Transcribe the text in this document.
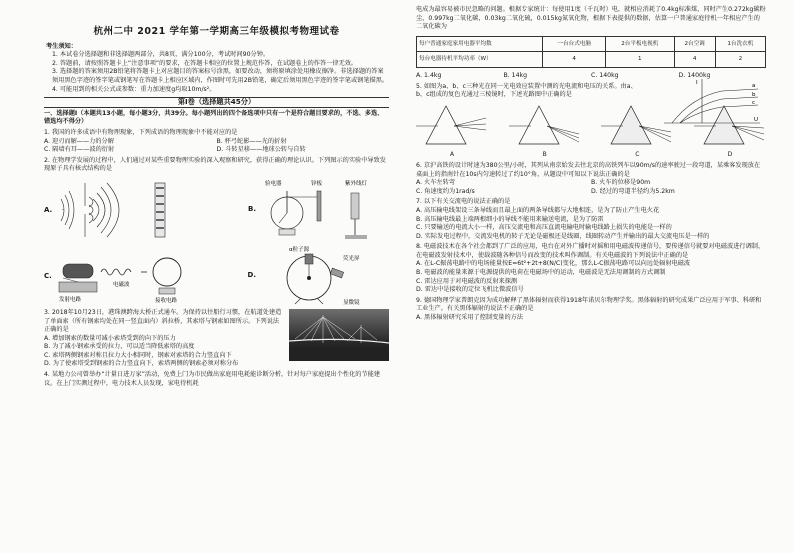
杭州二中 2021 学年第一学期高三年级模拟考物理试卷
考生须知：
1. 本试卷分选择题和非选择题两部分，共8页，满分100分，考试时间90分钟。
2. 答题前，请按照答题卡上“注意事项”的要求，在答题卡相应的位置上规范作答，在试题卷上的作答一律无效。
3. 选择题的答案须用2B铅笔将答题卡上对应题目的答案标号涂黑，如要改动，须将原填涂处用橡皮擦净。非选择题的答案须用黑色字迹的签字笔或钢笔写在答题卡上相应区域内，作图时可先用2B铅笔，确定后须用黑色字迹的签字笔或钢笔描黑。
4. 可能用到的相关公式或参数：重力加速度g均取10m/s²。
第Ⅰ卷（选择题共45分）
一、选择题Ⅰ（本题共13小题，每小题3分，共39分。每小题列出的四个备选项中只有一个是符合题目要求的，不选、多选、错选均不得分）
1. 我国的许多成语中有物理现象，下列成语的物理现象中不能对应的是
A. 迎刃而解——力的分解	B. 杯弓蛇影——光的折射
C. 隔墙有耳——波的衍射	D. 斗转星移——地球公转与自转
2. 在物理学发展的过程中，人们通过对某些重要物理实验的深入观察和研究，获得正确的理论认识。下列图示的实验中导致发现原子具有核式结构的是
A.	B.
验电器	锌板	紫外线灯
C.
发射电路
电磁波
接收电路
D.
α粒子源
荧光屏
显微镜
3. 2018年10月23日，港珠澳跨海大桥正式通车。为保持以往船行习惯，在航道处建造了单面索（所有钢索均处在同一竖直面内）斜拉桥，其索塔与钢索如图所示。下列说法正确的是
A. 增加钢索的数量可减小索塔受到的向下的压力
B. 为了减小钢索承受的拉力，可以适当降低索塔的高度
C. 索塔两侧钢索对称且拉力大小相同时，钢索对索塔的合力竖直向下
D. 为了使索塔受到钢索的合力竖直向下，索塔两侧的钢索必须对称分布
4. 某地力公司曾举办“计量日进万家”活动，免费上门为市民做出家庭用电耗能诊断分析，针对每户家庭提出个性化的节能建议。在上门实测过程中，电力技术人员发现，家电待机耗
电成为最容易被市民忽略的问题。根据专家统计：每使用1度（千瓦时）电，就相应消耗了0.4kg标准煤，同时产生0.272kg碳粉尘，0.997kg二氧化碳，0.03kg二氧化硫，0.015kg氮氧化物，根据下表提供的数据，估算一户普通家庭待机一年相应产生的二氧化碳为
每户普通家庭家用电器平均数	一台台式电脑	2台平板电视机	2台空调	1台洗衣机
每台电器待机平均功率（W）	4	1	4	2
A. 1.4kg	B. 14kg	C. 140kg	D. 1400kg
5. 如图为a、b、c三种光在同一光电效应装置中测的光电流和电压的关系。由a、b、c组成的复色光通过三棱镜时，下述光路图中正确的是
I
U
a
b
c
A	B	C	D
6. 京沪高铁的设计时速为380公里/小时，其列从南京始发去往北京的高铁列车以90m/s的速率驶过一段弯道，某乘客发现放在桌面上的指南针在10s内匀速转过了约10°角，从题设中可知以下说法正确的是
A. 火车左转弯	B. 火车的位移是90m
C. 角速度约为1rad/s	D. 经过的弯道半径约为5.2km
7. 以下有关交流电的说法正确的是
A. 高压输电线架设三条导线而且最上面的两条导线都与大地相连，是为了防止产生电火花
B. 高压输电线最上端两根细小的导线不能用来输送电流，是为了防雷
C. 只要输送的电流大小一样，高压交流电和高压直流电输电时输电线路上损失的电能是一样的
D. 实际发电过程中，交流发电机的转子无论是磁极还是线圈，线圈转动产生并输出的最大交流电压是一样的
8. 电磁波技术在各个社会都到了广泛的应用，电台在对外广播时对摇和用电磁波传递信号，要传递信号就要对电磁波进行调制，在电磁波发射技术中，使载波随各种信号而改变的技术叫作调制。有关电磁波的下列说法中正确的是
A. 在L-C振荡电路中的电场能量按E=6t²+2t+8(N/C)变化，那么L-C振荡电路可以向远处辐射电磁波
B. 电磁波的能量来源于电源提供的电荷在电磁场中的运动，电磁波是无法用调制的方式调制
C. 雷达应用于对电磁波的反射来探测
D. 雷达中是接收的定位飞机比微波信号
9. 德国物理学家普朗克因为成功解释了黑体辐射而获得1918年诺贝尔物理学奖。黑体辐射的研究成果广泛应用于军事、科研和工业生产。有关黑体辐射的说法不正确的是
A. 黑体辐射研究采用了控制变量的方法
